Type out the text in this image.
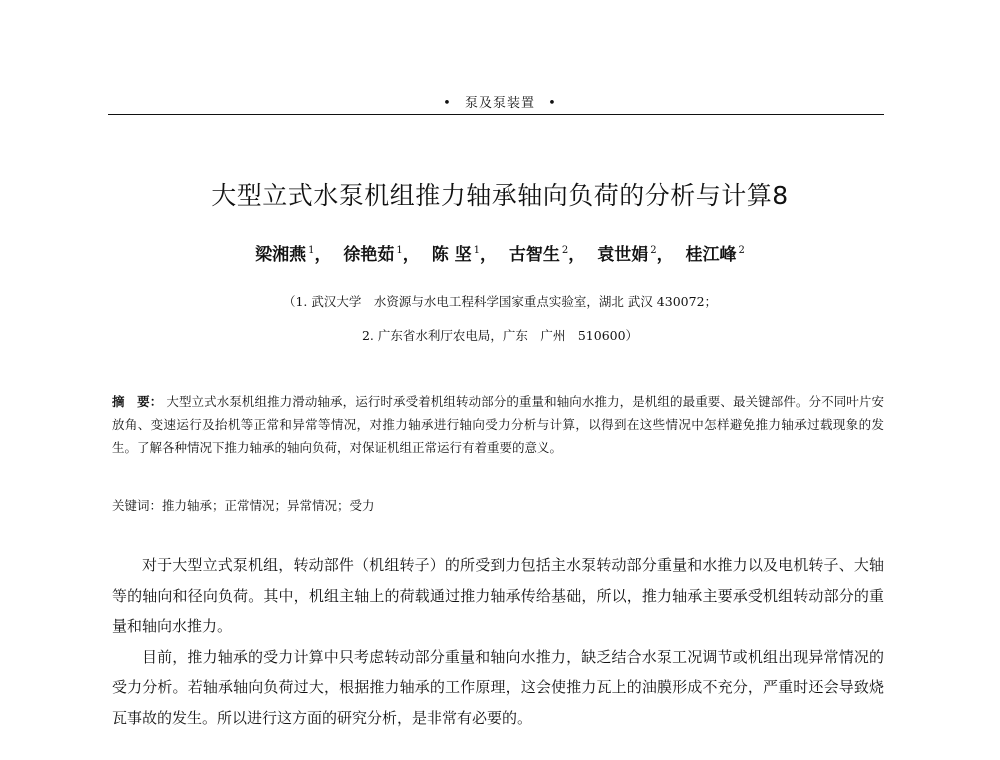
• 泵及泵装置 •
大型立式水泵机组推力轴承轴向负荷的分析与计算8
梁湘燕 $^1$， 徐艳茹 $^1$， 陈 坚 $^1$， 古智生 $^2$， 袁世娟 $^2$， 桂江峰 $^2$
（1. 武汉大学　水资源与水电工程科学国家重点实验室，湖北 武汉 430072；
2. 广东省水利厅农电局，广东　广州　510600）
摘　要： 大型立式水泵机组推力滑动轴承，运行时承受着机组转动部分的重量和轴向水推力，是机组的最重要、最关键部件。分不同叶片安放角、变速运行及抬机等正常和异常等情况，对推力轴承进行轴向受力分析与计算，以得到在这些情况中怎样避免推力轴承过载现象的发生。了解各种情况下推力轴承的轴向负荷，对保证机组正常运行有着重要的意义。
关键词：推力轴承；正常情况；异常情况；受力

对于大型立式泵机组，转动部件（机组转子）的所受到力包括主水泵转动部分重量和水推力以及电机转子、大轴等的轴向和径向负荷。其中，机组主轴上的荷载通过推力轴承传给基础，所以，推力轴承主要承受机组转动部分的重量和轴向水推力。

目前，推力轴承的受力计算中只考虑转动部分重量和轴向水推力，缺乏结合水泵工况调节或机组出现异常情况的受力分析。若轴承轴向负荷过大，根据推力轴承的工作原理，这会使推力瓦上的油膜形成不充分，严重时还会导致烧瓦事故的发生。所以进行这方面的研究分析，是非常有必要的。
